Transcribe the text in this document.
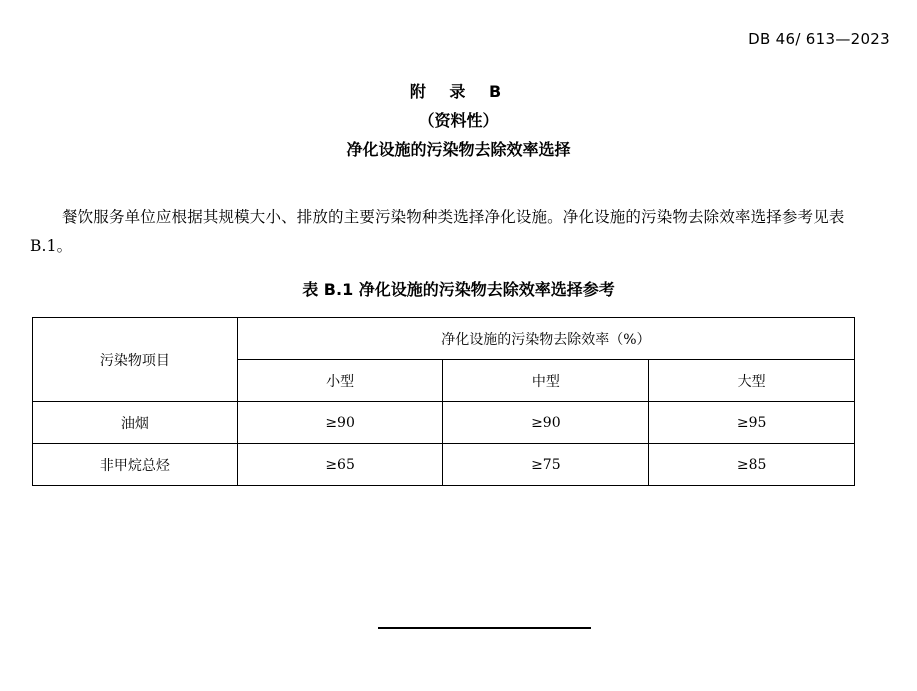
DB 46/ 613—2023
附 录 B
（资料性）
净化设施的污染物去除效率选择
餐饮服务单位应根据其规模大小、排放的主要污染物种类选择净化设施。净化设施的污染物去除效率选择参考见表 B.1。
表 B.1 净化设施的污染物去除效率选择参考
污染物项目	净化设施的污染物去除效率（%）		
	小型	中型	大型
油烟	≥90	≥90	≥95
非甲烷总烃	≥65	≥75	≥85
